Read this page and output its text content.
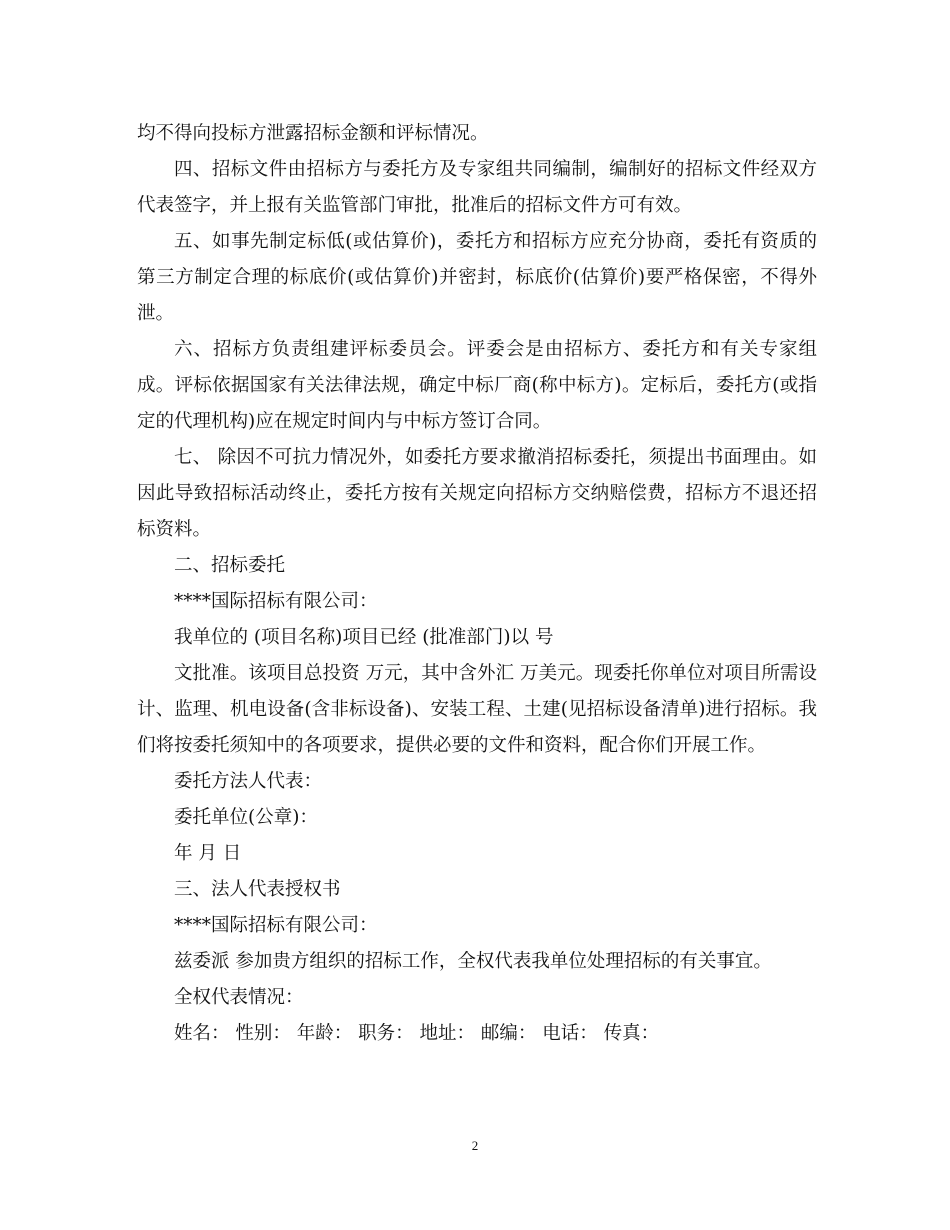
均不得向投标方泄露招标金额和评标情况。

四、招标文件由招标方与委托方及专家组共同编制，编制好的招标文件经双方代表签字，并上报有关监管部门审批，批准后的招标文件方可有效。

五、如事先制定标低(或估算价)，委托方和招标方应充分协商，委托有资质的第三方制定合理的标底价(或估算价)并密封，标底价(估算价)要严格保密，不得外泄。

六、招标方负责组建评标委员会。评委会是由招标方、委托方和有关专家组成。评标依据国家有关法律法规，确定中标厂商(称中标方)。定标后，委托方(或指定的代理机构)应在规定时间内与中标方签订合同。

七、 除因不可抗力情况外，如委托方要求撤消招标委托，须提出书面理由。如因此导致招标活动终止，委托方按有关规定向招标方交纳赔偿费，招标方不退还招标资料。

二、招标委托

****国际招标有限公司：

我单位的 (项目名称)项目已经 (批准部门)以 号

文批准。该项目总投资 万元，其中含外汇 万美元。现委托你单位对项目所需设计、监理、机电设备(含非标设备)、安装工程、土建(见招标设备清单)进行招标。我们将按委托须知中的各项要求，提供必要的文件和资料，配合你们开展工作。

委托方法人代表：

委托单位(公章)：

年 月 日

三、法人代表授权书

****国际招标有限公司：

兹委派 参加贵方组织的招标工作，全权代表我单位处理招标的有关事宜。

全权代表情况：

姓名： 性别： 年龄： 职务： 地址： 邮编： 电话： 传真：

2
